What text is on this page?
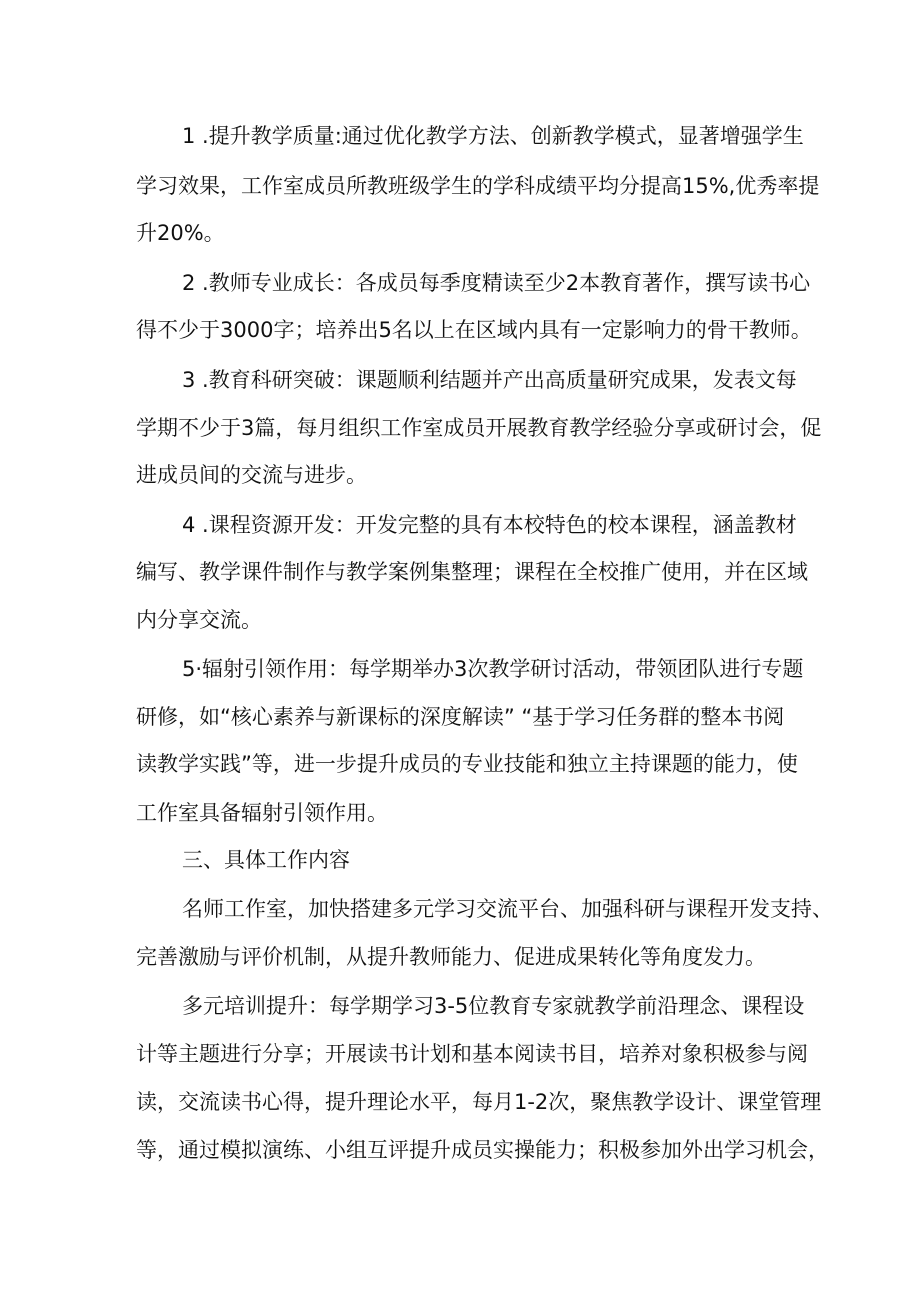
1 .提升教学质量:通过优化教学方法、创新教学模式，显著增强学生
学习效果，工作室成员所教班级学生的学科成绩平均分提高15%,优秀率提
升20%。
2 .教师专业成长：各成员每季度精读至少2本教育著作，撰写读书心
得不少于3000字；培养出5名以上在区域内具有一定影响力的骨干教师。
3 .教育科研突破：课题顺利结题并产出高质量研究成果，发表文每
学期不少于3篇，每月组织工作室成员开展教育教学经验分享或研讨会，促
进成员间的交流与进步。
4 .课程资源开发：开发完整的具有本校特色的校本课程，涵盖教材
编写、教学课件制作与教学案例集整理；课程在全校推广使用，并在区域
内分享交流。
5·辐射引领作用：每学期举办3次教学研讨活动，带领团队进行专题
研修，如“核心素养与新课标的深度解读” “基于学习任务群的整本书阅
读教学实践”等，进一步提升成员的专业技能和独立主持课题的能力，使
工作室具备辐射引领作用。
三、具体工作内容
名师工作室，加快搭建多元学习交流平台、加强科研与课程开发支持、
完善激励与评价机制，从提升教师能力、促进成果转化等角度发力。
多元培训提升：每学期学习3-5位教育专家就教学前沿理念、课程设
计等主题进行分享；开展读书计划和基本阅读书目，培养对象积极参与阅
读，交流读书心得，提升理论水平，每月1-2次，聚焦教学设计、课堂管理
等，通过模拟演练、小组互评提升成员实操能力；积极参加外出学习机会，
